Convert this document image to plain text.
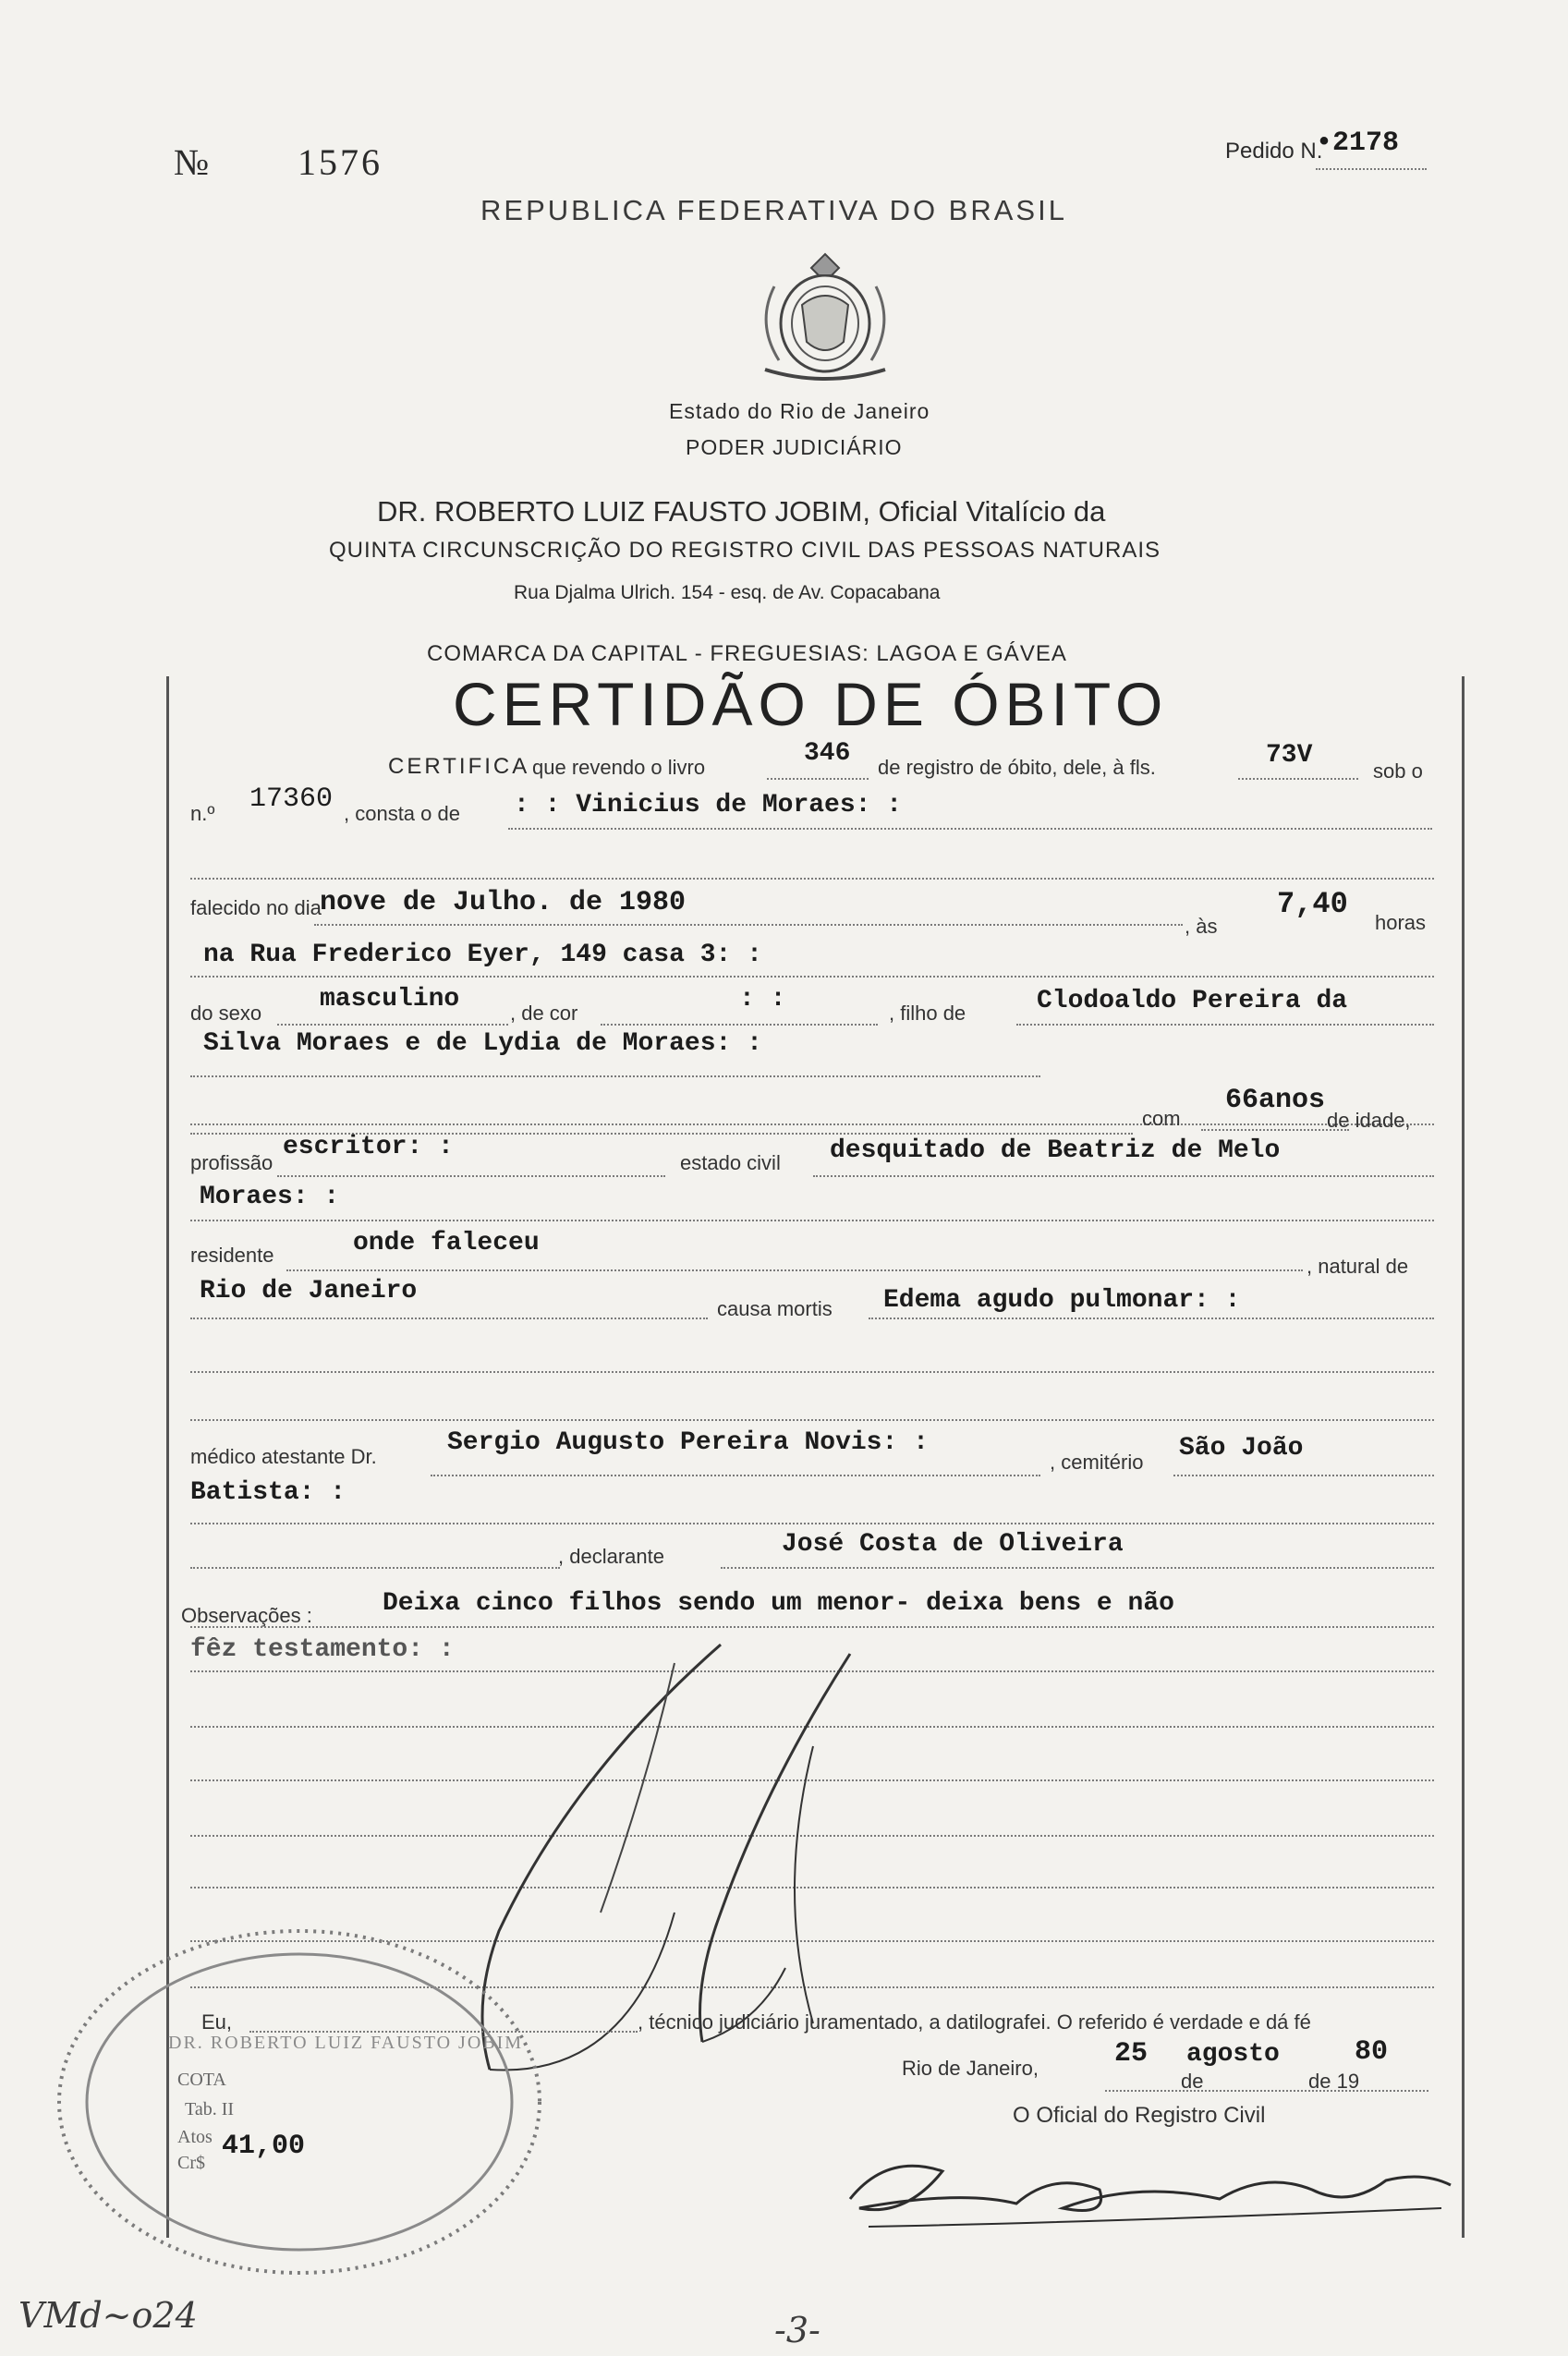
№ 1576	Pedido N.
•2178
REPUBLICA FEDERATIVA DO BRASIL
Estado do Rio de Janeiro
PODER JUDICIÁRIO
DR. ROBERTO LUIZ FAUSTO JOBIM, Oficial Vitalício da
QUINTA CIRCUNSCRIÇÃO DO REGISTRO CIVIL DAS PESSOAS NATURAIS
Rua Djalma Ulrich. 154 - esq. de Av. Copacabana
COMARCA DA CAPITAL - FREGUESIAS: LAGOA E GÁVEA
CERTIDÃO DE ÓBITO
CERTIFICA que revendo o livro	346 de registro de óbito, dele, à fls.	73V
sob o
n.º 17360 , consta o de : : Vinicius de Moraes: :
falecido no dia
nove de Julho. de 1980
, às
7,40
horas
na Rua Frederico Eyer, 149 casa 3: :
do sexo masculino , de cor	: :	, filho de	Clodoaldo Pereira da
Silva Moraes e de Lydia de Moraes: :
com
66anos
de idade,
profissão
escritor: :
estado civil desquitado de Beatriz de Melo
Moraes: :
residente	onde faleceu
, natural de
Rio de Janeiro
causa mortis Edema agudo pulmonar: :
médico atestante Dr.	Sergio Augusto Pereira Novis: :
, cemitério São João
Batista: :
, declarante	José Costa de Oliveira
Observações :	Deixa cinco filhos sendo um menor- deixa bens e não
fêz testamento: :
Eu,	, técnico judiciário juramentado, a datilografei. O referido é verdade e dá fé
Rio de Janeiro,	25
de
agosto
de 19
80
O Oficial do Registro Civil
DR. ROBERTO LUIZ FAUSTO JOBIM
COTA
Tab. II
Atos
Cr$
41,00
VMd~o24	-3-
